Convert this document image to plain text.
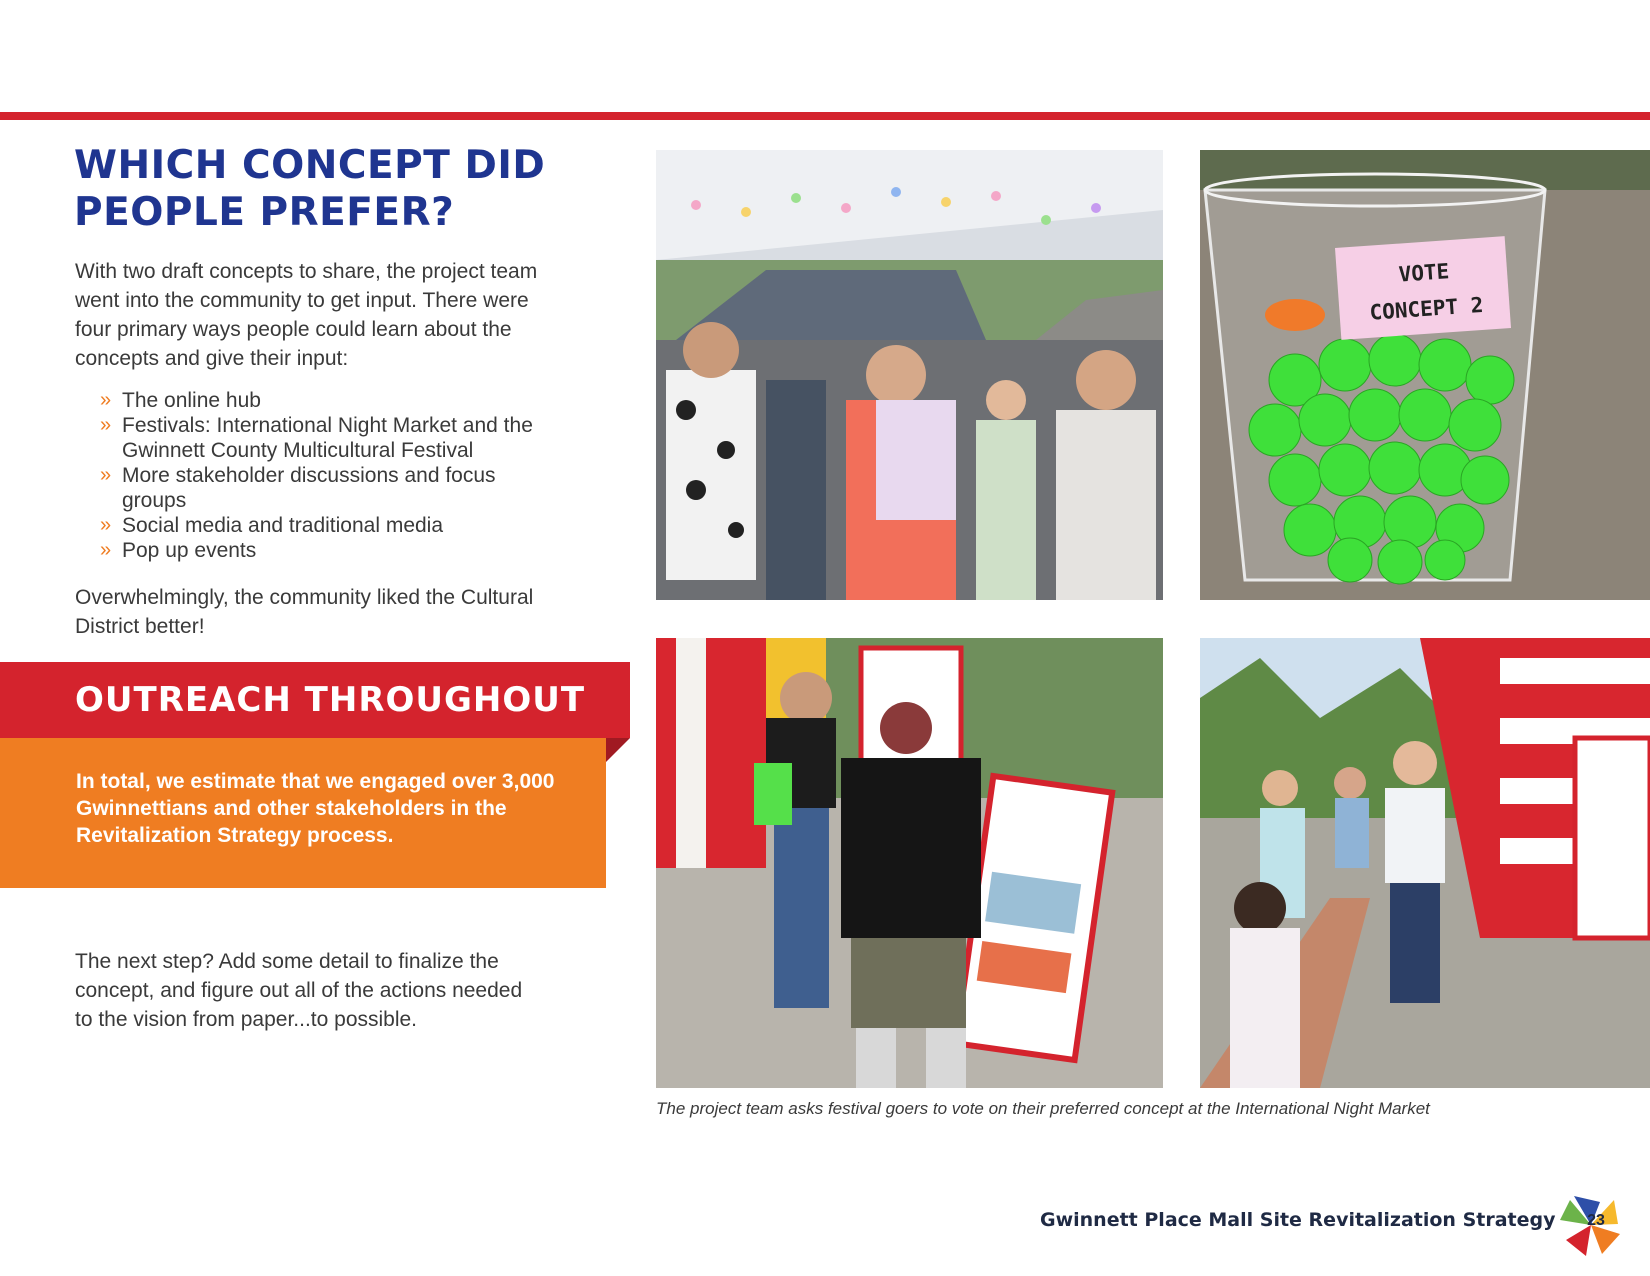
WHICH CONCEPT DID
PEOPLE PREFER?

With two draft concepts to share, the project team went into the community to get input. There were four primary ways people could learn about the concepts and give their input:

» The online hub
» Festivals: International Night Market and the Gwinnett County Multicultural Festival
» More stakeholder discussions and focus groups
» Social media and traditional media
» Pop up events

Overwhelmingly, the community liked the Cultural District better!

OUTREACH THROUGHOUT

In total, we estimate that we engaged over 3,000 Gwinnettians and other stakeholders in the Revitalization Strategy process.

The next step? Add some detail to finalize the concept, and figure out all of the actions needed to the vision from paper...to possible.

VOTE
CONCEPT 2

The project team asks festival goers to vote on their preferred concept at the International Night Market

Gwinnett Place Mall Site Revitalization Strategy	23
